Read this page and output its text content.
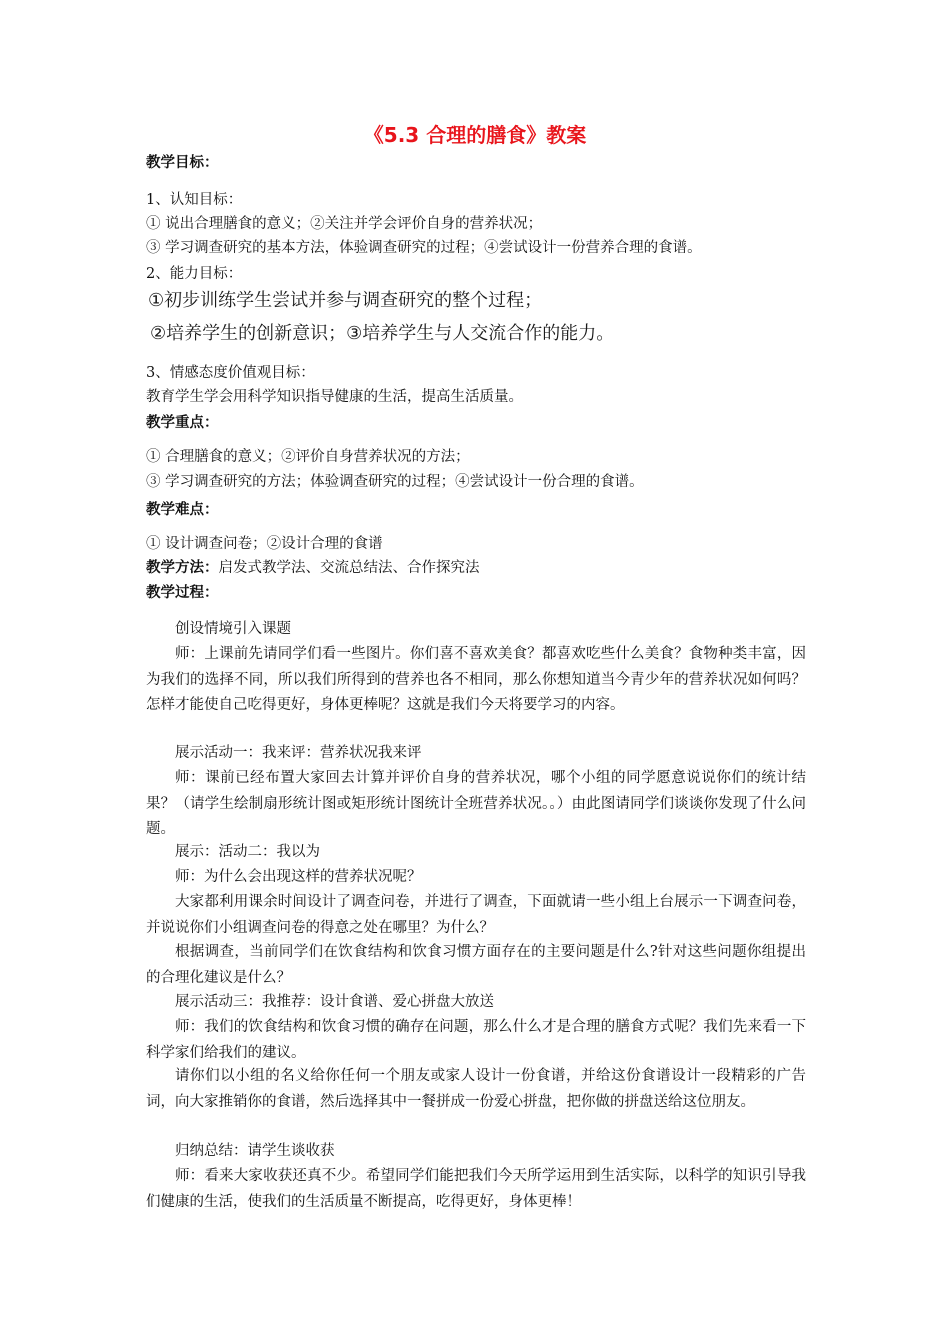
《5.3 合理的膳食》教案
教学目标：
1、认知目标：
① 说出合理膳食的意义；②关注并学会评价自身的营养状况；
③ 学习调查研究的基本方法，体验调查研究的过程；④尝试设计一份营养合理的食谱。
2、能力目标：
①初步训练学生尝试并参与调查研究的整个过程；
②培养学生的创新意识；③培养学生与人交流合作的能力。
3、情感态度价值观目标：
教育学生学会用科学知识指导健康的生活，提高生活质量。
教学重点：
① 合理膳食的意义；②评价自身营养状况的方法；
③ 学习调查研究的方法；体验调查研究的过程；④尝试设计一份合理的食谱。
教学难点：
① 设计调查问卷；②设计合理的食谱
教学方法：启发式教学法、交流总结法、合作探究法
教学过程：
创设情境引入课题
师：上课前先请同学们看一些图片。你们喜不喜欢美食？都喜欢吃些什么美食？食物种类丰富，因为我们的选择不同，所以我们所得到的营养也各不相同，那么你想知道当今青少年的营养状况如何吗？怎样才能使自己吃得更好，身体更棒呢？这就是我们今天将要学习的内容。
展示活动一：我来评：营养状况我来评
师：课前已经布置大家回去计算并评价自身的营养状况，哪个小组的同学愿意说说你们的统计结果？（请学生绘制扇形统计图或矩形统计图统计全班营养状况。。）由此图请同学们谈谈你发现了什么问题。
展示：活动二：我以为
师：为什么会出现这样的营养状况呢？
大家都利用课余时间设计了调查问卷，并进行了调查，下面就请一些小组上台展示一下调查问卷，并说说你们小组调查问卷的得意之处在哪里？为什么？
根据调查，当前同学们在饮食结构和饮食习惯方面存在的主要问题是什么?针对这些问题你组提出的合理化建议是什么？
展示活动三：我推荐：设计食谱、爱心拼盘大放送
师：我们的饮食结构和饮食习惯的确存在问题，那么什么才是合理的膳食方式呢？我们先来看一下科学家们给我们的建议。
请你们以小组的名义给你任何一个朋友或家人设计一份食谱，并给这份食谱设计一段精彩的广告词，向大家推销你的食谱，然后选择其中一餐拼成一份爱心拼盘，把你做的拼盘送给这位朋友。
归纳总结：请学生谈收获
师：看来大家收获还真不少。希望同学们能把我们今天所学运用到生活实际，以科学的知识引导我们健康的生活，使我们的生活质量不断提高，吃得更好，身体更棒！
